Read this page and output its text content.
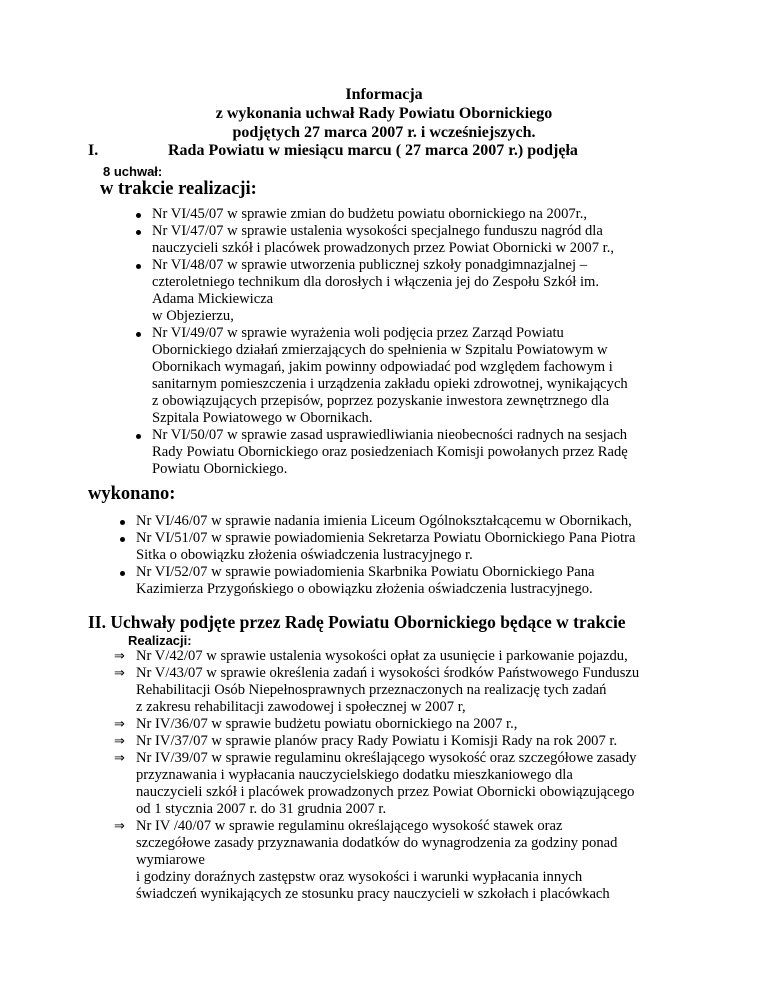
Informacja
z wykonania uchwał Rady Powiatu Obornickiego
podjętych 27 marca 2007 r. i wcześniejszych.
I.	Rada Powiatu w miesiącu marcu ( 27 marca 2007 r.) podjęła
8 uchwał:
w trakcie realizacji:
Nr VI/45/07 w sprawie zmian do budżetu powiatu obornickiego na 2007r.,
Nr VI/47/07 w sprawie ustalenia wysokości specjalnego funduszu nagród dla
nauczycieli szkół i placówek prowadzonych przez Powiat Obornicki w 2007 r.,
Nr VI/48/07 w sprawie utworzenia publicznej szkoły ponadgimnazjalnej –
czteroletniego technikum dla dorosłych i włączenia jej do Zespołu Szkół im.
Adama Mickiewicza
w Objezierzu,
Nr VI/49/07 w sprawie wyrażenia woli podjęcia przez Zarząd Powiatu
Obornickiego działań zmierzających do spełnienia w Szpitalu Powiatowym w
Obornikach wymagań, jakim powinny odpowiadać pod względem fachowym i
sanitarnym pomieszczenia i urządzenia zakładu opieki zdrowotnej, wynikających
z obowiązujących przepisów, poprzez pozyskanie inwestora zewnętrznego dla
Szpitala Powiatowego w Obornikach.
Nr VI/50/07 w sprawie zasad usprawiedliwiania nieobecności radnych na sesjach
Rady Powiatu Obornickiego oraz posiedzeniach Komisji powołanych przez Radę
Powiatu Obornickiego.
wykonano:
Nr VI/46/07 w sprawie nadania imienia Liceum Ogólnokształcącemu w Obornikach,
Nr VI/51/07 w sprawie powiadomienia Sekretarza Powiatu Obornickiego Pana Piotra
Sitka o obowiązku złożenia oświadczenia lustracyjnego r.
Nr VI/52/07 w sprawie powiadomienia Skarbnika Powiatu Obornickiego Pana
Kazimierza Przygońskiego o obowiązku złożenia oświadczenia lustracyjnego.
II. Uchwały podjęte przez Radę Powiatu Obornickiego będące w trakcie
Realizacji:
⇒ Nr V/42/07 w sprawie ustalenia wysokości opłat za usunięcie i parkowanie pojazdu,
⇒ Nr V/43/07 w sprawie określenia zadań i wysokości środków Państwowego Funduszu
Rehabilitacji Osób Niepełnosprawnych przeznaczonych na realizację tych zadań
z zakresu rehabilitacji zawodowej i społecznej w 2007 r,
⇒ Nr IV/36/07 w sprawie budżetu powiatu obornickiego na 2007 r.,
⇒ Nr IV/37/07 w sprawie planów pracy Rady Powiatu i Komisji Rady na rok 2007 r.
⇒ Nr IV/39/07 w sprawie regulaminu określającego wysokość oraz szczegółowe zasady
przyznawania i wypłacania nauczycielskiego dodatku mieszkaniowego dla
nauczycieli szkół i placówek prowadzonych przez Powiat Obornicki obowiązującego
od 1 stycznia 2007 r. do 31 grudnia 2007 r.
⇒ Nr IV /40/07 w sprawie regulaminu określającego wysokość stawek oraz
szczegółowe zasady przyznawania dodatków do wynagrodzenia za godziny ponad
wymiarowe
i godziny doraźnych zastępstw oraz wysokości i warunki wypłacania innych
świadczeń wynikających ze stosunku pracy nauczycieli w szkołach i placówkach
